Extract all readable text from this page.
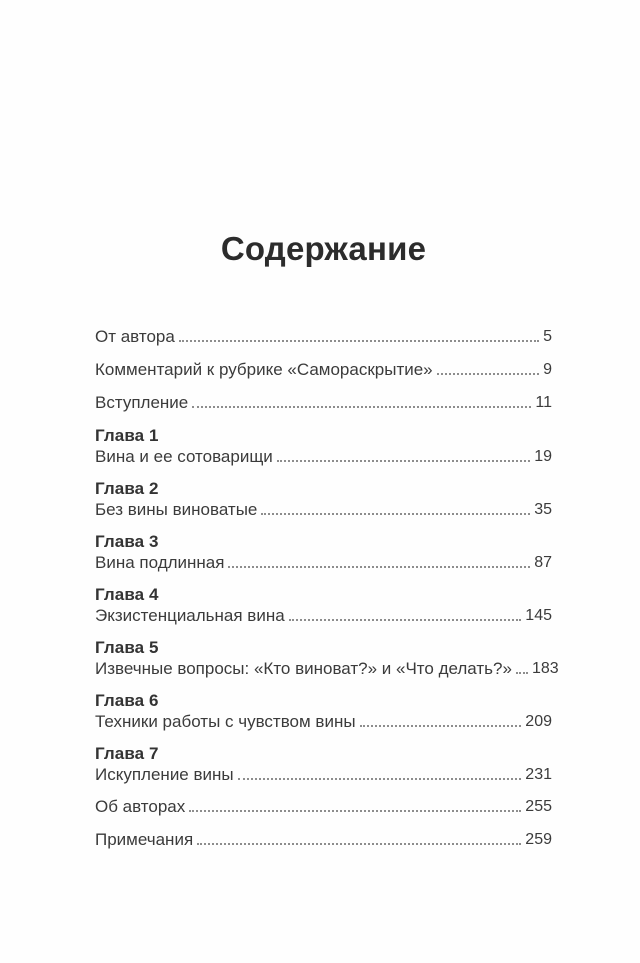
Содержание
От автора	5
Комментарий к рубрике «Самораскрытие»	9
Вступление	11
Глава 1
Вина и ее сотоварищи	19
Глава 2
Без вины виноватые	35
Глава 3
Вина подлинная	87
Глава 4
Экзистенциальная вина	145
Глава 5
Извечные вопросы: «Кто виноват?» и «Что делать?» 183
Глава 6
Техники работы с чувством вины	209
Глава 7
Искупление вины	231
Об авторах	255
Примечания	259
